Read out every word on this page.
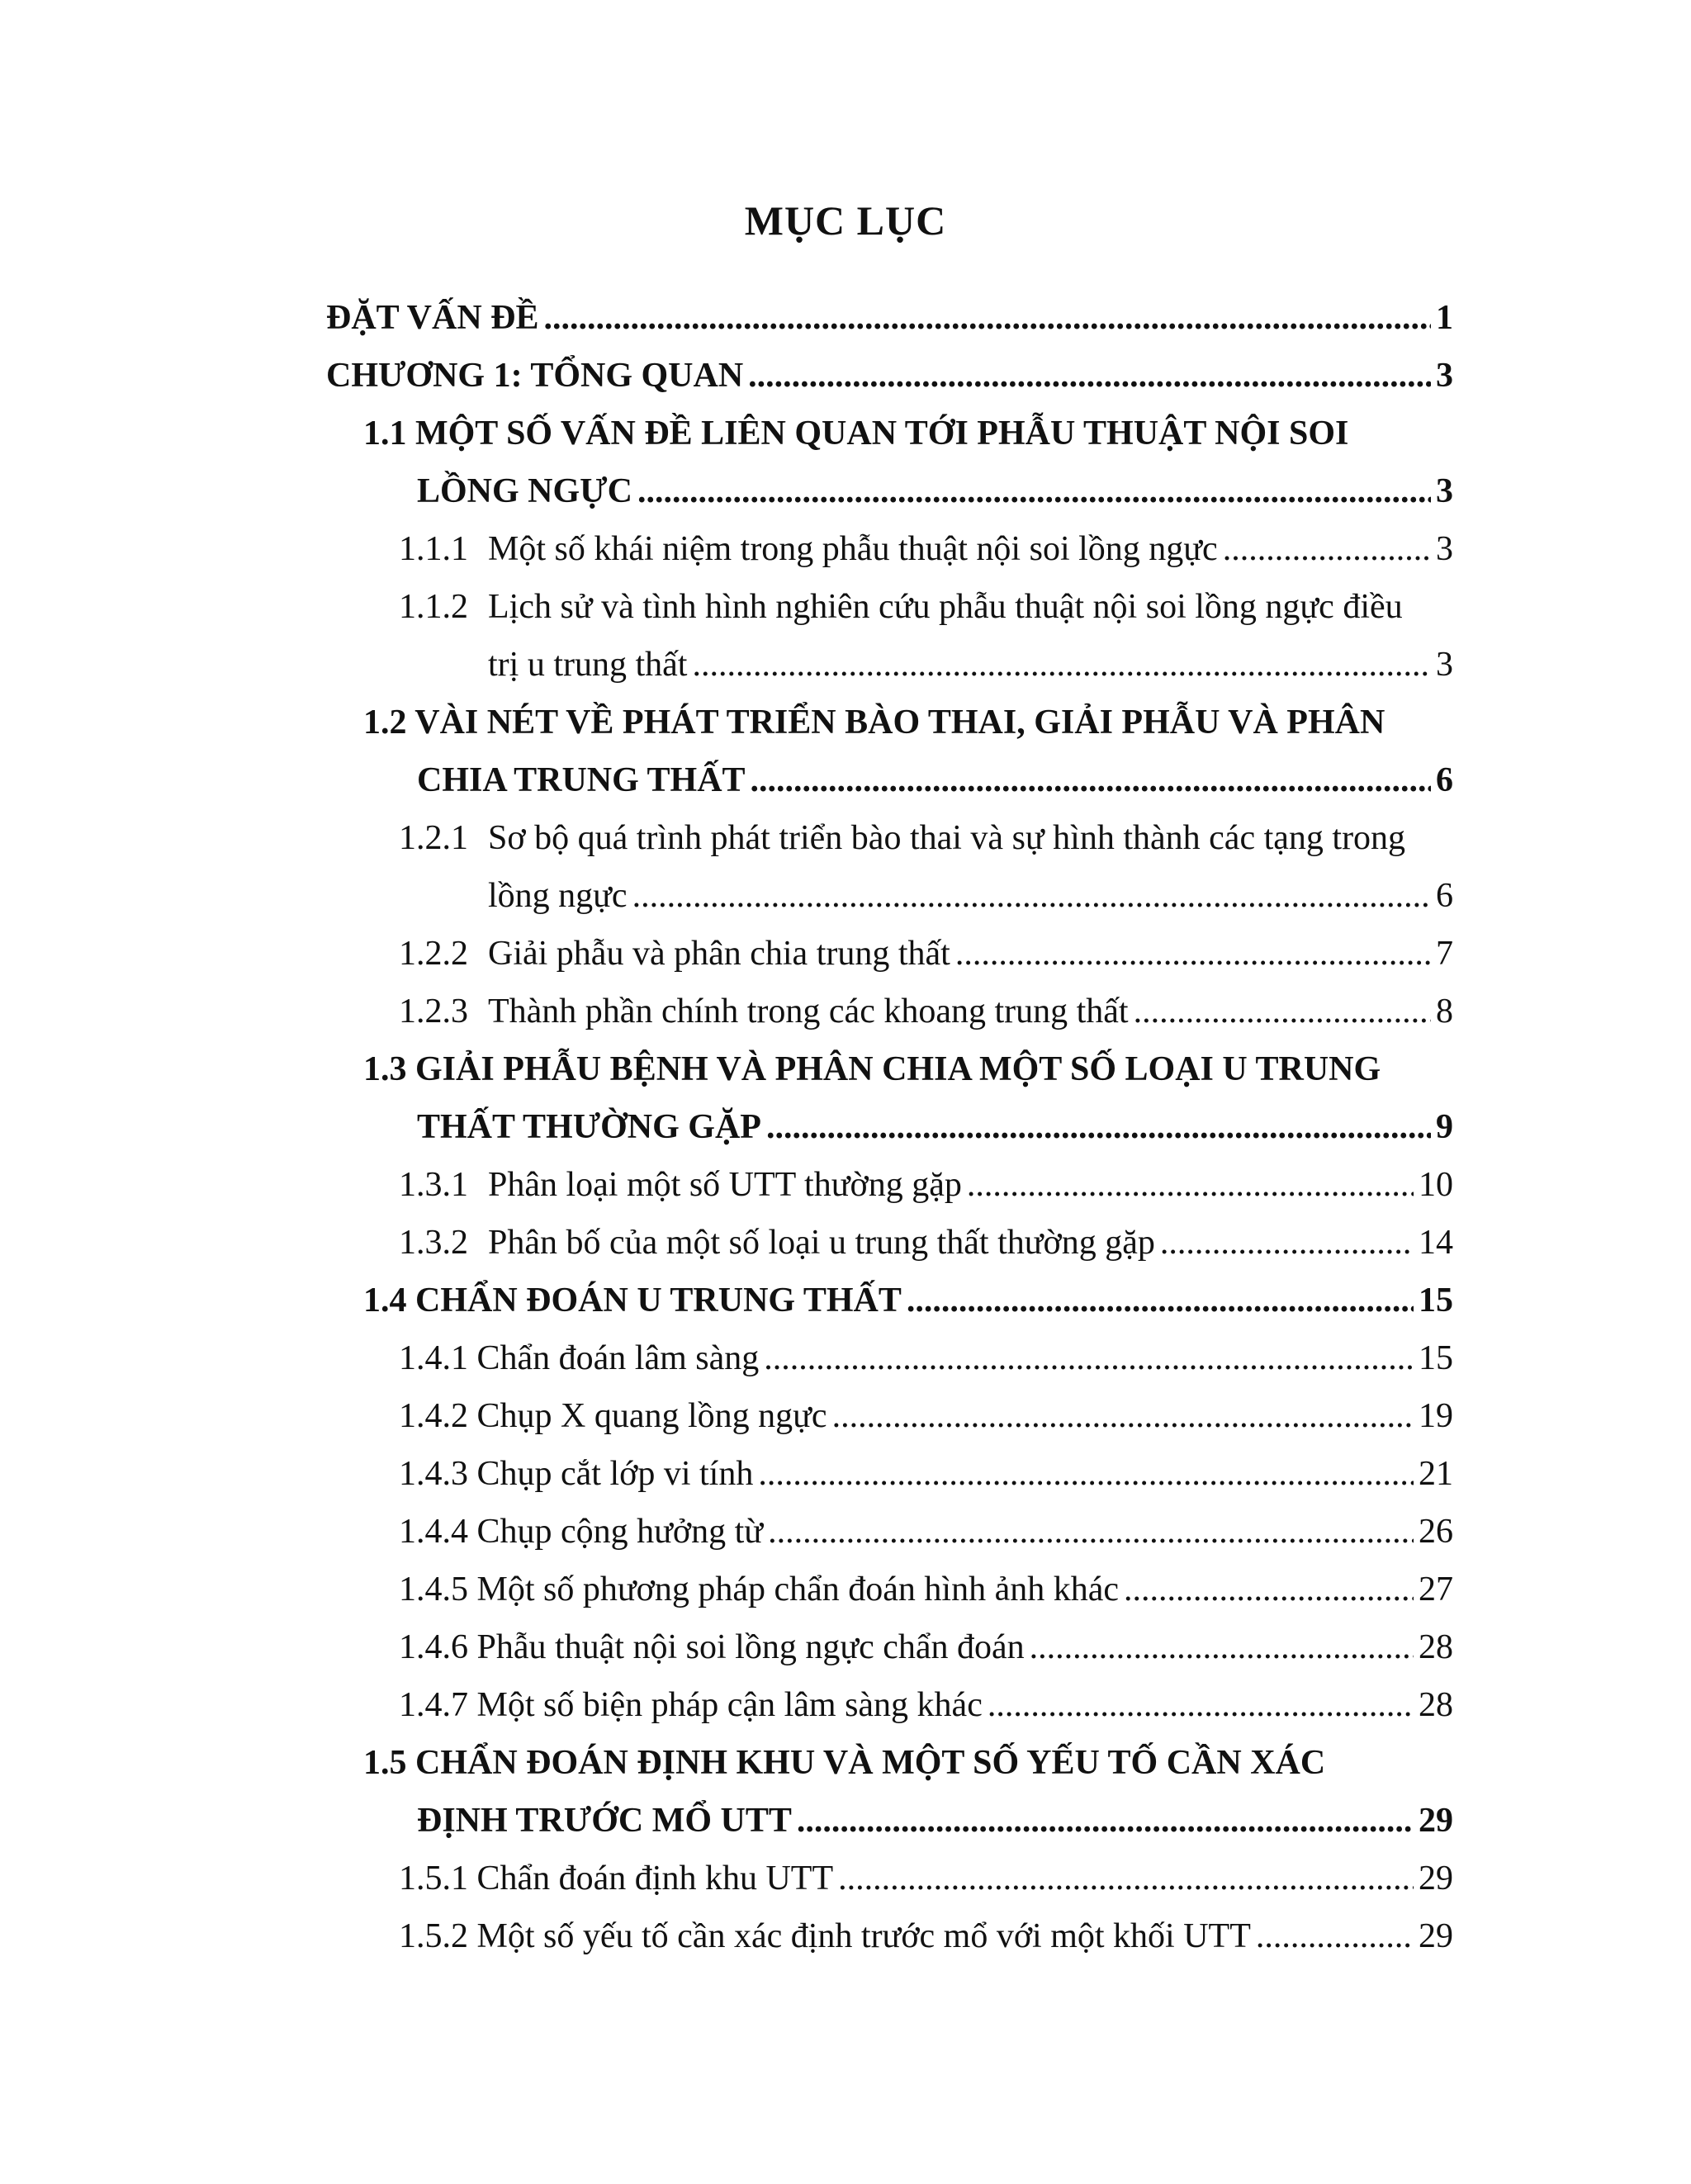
MỤC LỤC
ĐẶT VẤN ĐỀ .....	1
CHƯƠNG 1: TỔNG QUAN .....	3
1.1 MỘT SỐ VẤN ĐỀ LIÊN QUAN TỚI PHẪU THUẬT NỘI SOI
LỒNG NGỰC .....	3
1.1.1 Một số khái niệm trong phẫu thuật nội soi lồng ngực .....	3
1.1.2 Lịch sử và tình hình nghiên cứu phẫu thuật nội soi lồng ngực điều
trị u trung thất .....	3
1.2 VÀI NÉT VỀ PHÁT TRIỂN BÀO THAI, GIẢI PHẪU VÀ PHÂN
CHIA TRUNG THẤT .....	6
1.2.1 Sơ bộ quá trình phát triển bào thai và sự hình thành các tạng trong
lồng ngực .....	6
1.2.2 Giải phẫu và phân chia trung thất .....	7
1.2.3 Thành phần chính trong các khoang trung thất .....	8
1.3 GIẢI PHẪU BỆNH VÀ PHÂN CHIA MỘT SỐ LOẠI U TRUNG
THẤT THƯỜNG GẶP .....	9
1.3.1 Phân loại một số UTT thường gặp .....	10
1.3.2 Phân bố của một số loại u trung thất thường gặp .....	14
1.4 CHẨN ĐOÁN U TRUNG THẤT .....	15
1.4.1 Chẩn đoán lâm sàng .....	15
1.4.2 Chụp X quang lồng ngực .....	19
1.4.3 Chụp cắt lớp vi tính .....	21
1.4.4 Chụp cộng hưởng từ .....	26
1.4.5 Một số phương pháp chẩn đoán hình ảnh khác .....	27
1.4.6 Phẫu thuật nội soi lồng ngực chẩn đoán .....	28
1.4.7 Một số biện pháp cận lâm sàng khác .....	28
1.5 CHẨN ĐOÁN ĐỊNH KHU VÀ MỘT SỐ YẾU TỐ CẦN XÁC
ĐỊNH TRƯỚC MỔ UTT .....	29
1.5.1 Chẩn đoán định khu UTT .....	29
1.5.2 Một số yếu tố cần xác định trước mổ với một khối UTT .....	29
